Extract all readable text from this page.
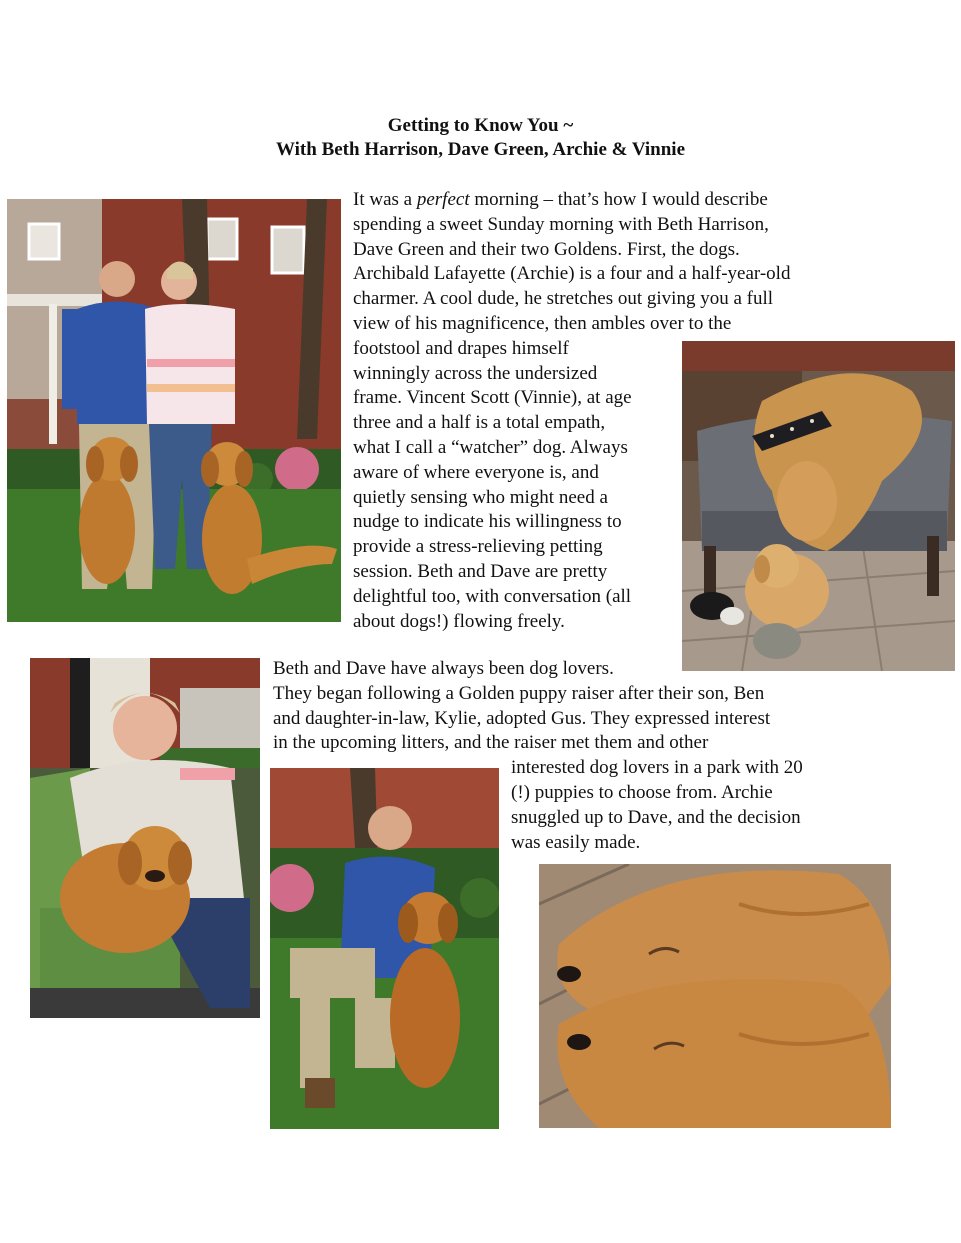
Getting to Know You ~
With Beth Harrison, Dave Green, Archie & Vinnie
It was a perfect morning – that’s how I would describe
spending a sweet Sunday morning with Beth Harrison,
Dave Green and their two Goldens. First, the dogs.
Archibald Lafayette (Archie) is a four and a half-year-old
charmer. A cool dude, he stretches out giving you a full
view of his magnificence, then ambles over to the
footstool and drapes himself
winningly across the undersized
frame. Vincent Scott (Vinnie), at age
three and a half is a total empath,
what I call a “watcher” dog. Always
aware of where everyone is, and
quietly sensing who might need a
nudge to indicate his willingness to
provide a stress-relieving petting
session. Beth and Dave are pretty
delightful too, with conversation (all
about dogs!) flowing freely.
Beth and Dave have always been dog lovers.
They began following a Golden puppy raiser after their son, Ben
and daughter-in-law, Kylie, adopted Gus. They expressed interest
in the upcoming litters, and the raiser met them and other
interested dog lovers in a park with 20
(!) puppies to choose from. Archie
snuggled up to Dave, and the decision
was easily made.
